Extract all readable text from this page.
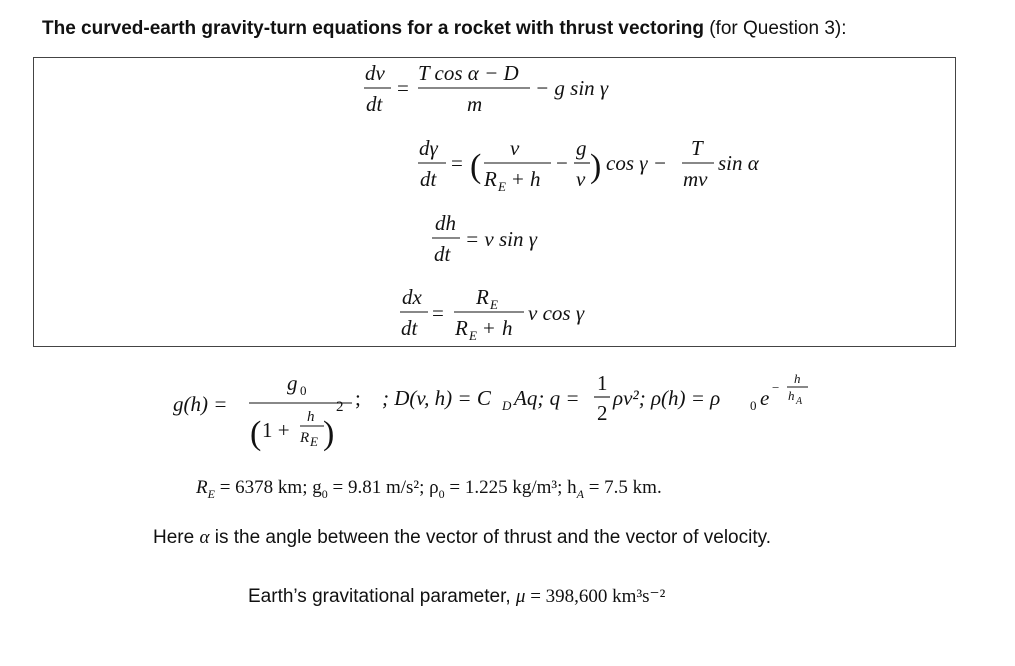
The curved-earth gravity-turn equations for a rocket with thrust vectoring (for Question 3):
dv
dt
=
T cos α − D
m
− g sin γ
dγ
dt
= ( v
R E + h
−
g
v ) cos γ −
T
mv
sin α
dh
dt
= v sin γ
dx
dt
=
R E
R E + h
v cos γ
g(h) =
g 0
( 1 +
h
R E )
2 ; ; D(v, h) = C D Aq; q =
1
2
ρv²; ρ(h) = ρ 0 e −
h
h A
$R_E = 6378$ km; $g_0 = 9.81$ m/s²; $\rho_0 = 1.225$ kg/m³; $h_A = 7.5$ km.
Here α is the angle between the vector of thrust and the vector of velocity.
Earth’s gravitational parameter, μ = 398,600 km³s⁻²
